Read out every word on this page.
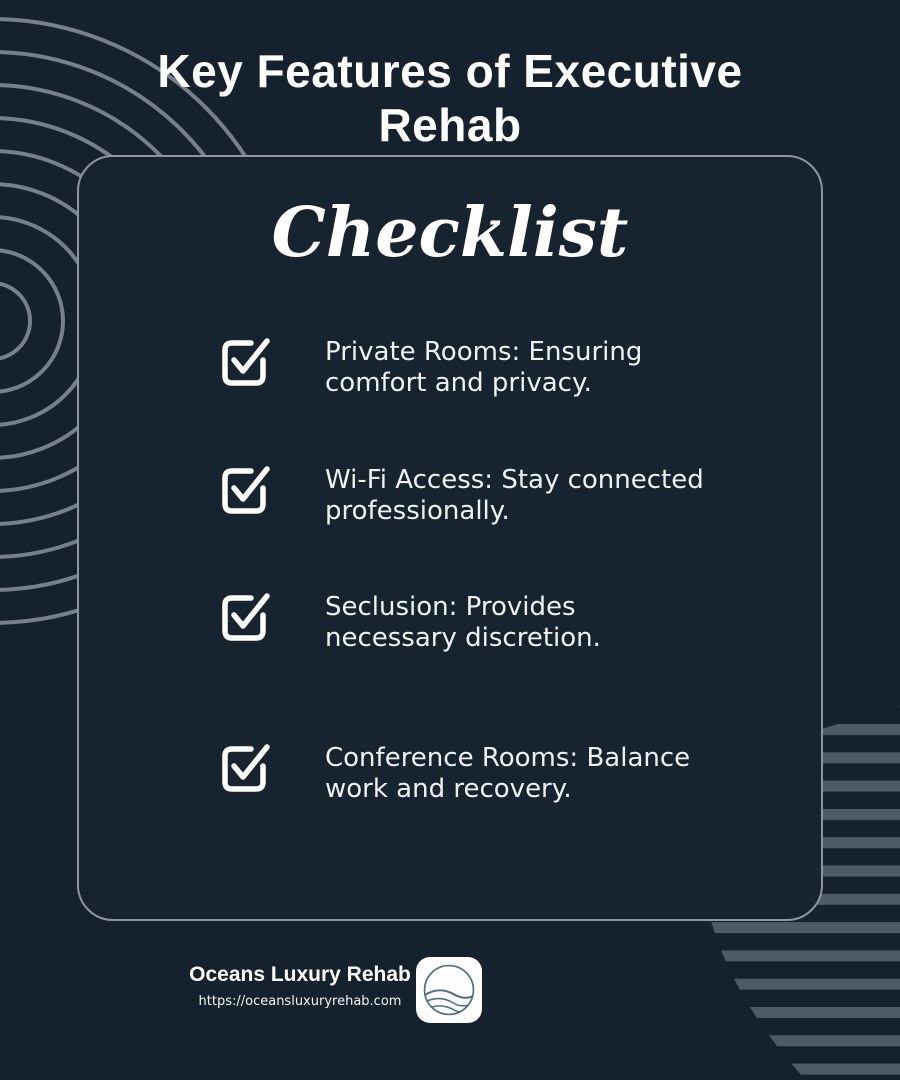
Key Features of Executive
Rehab
Checklist
Private Rooms: Ensuring
comfort and privacy.
Wi-Fi Access: Stay connected
professionally.
Seclusion: Provides
necessary discretion.
Conference Rooms: Balance
work and recovery.

Oceans Luxury Rehab

https://oceansluxuryrehab.com
